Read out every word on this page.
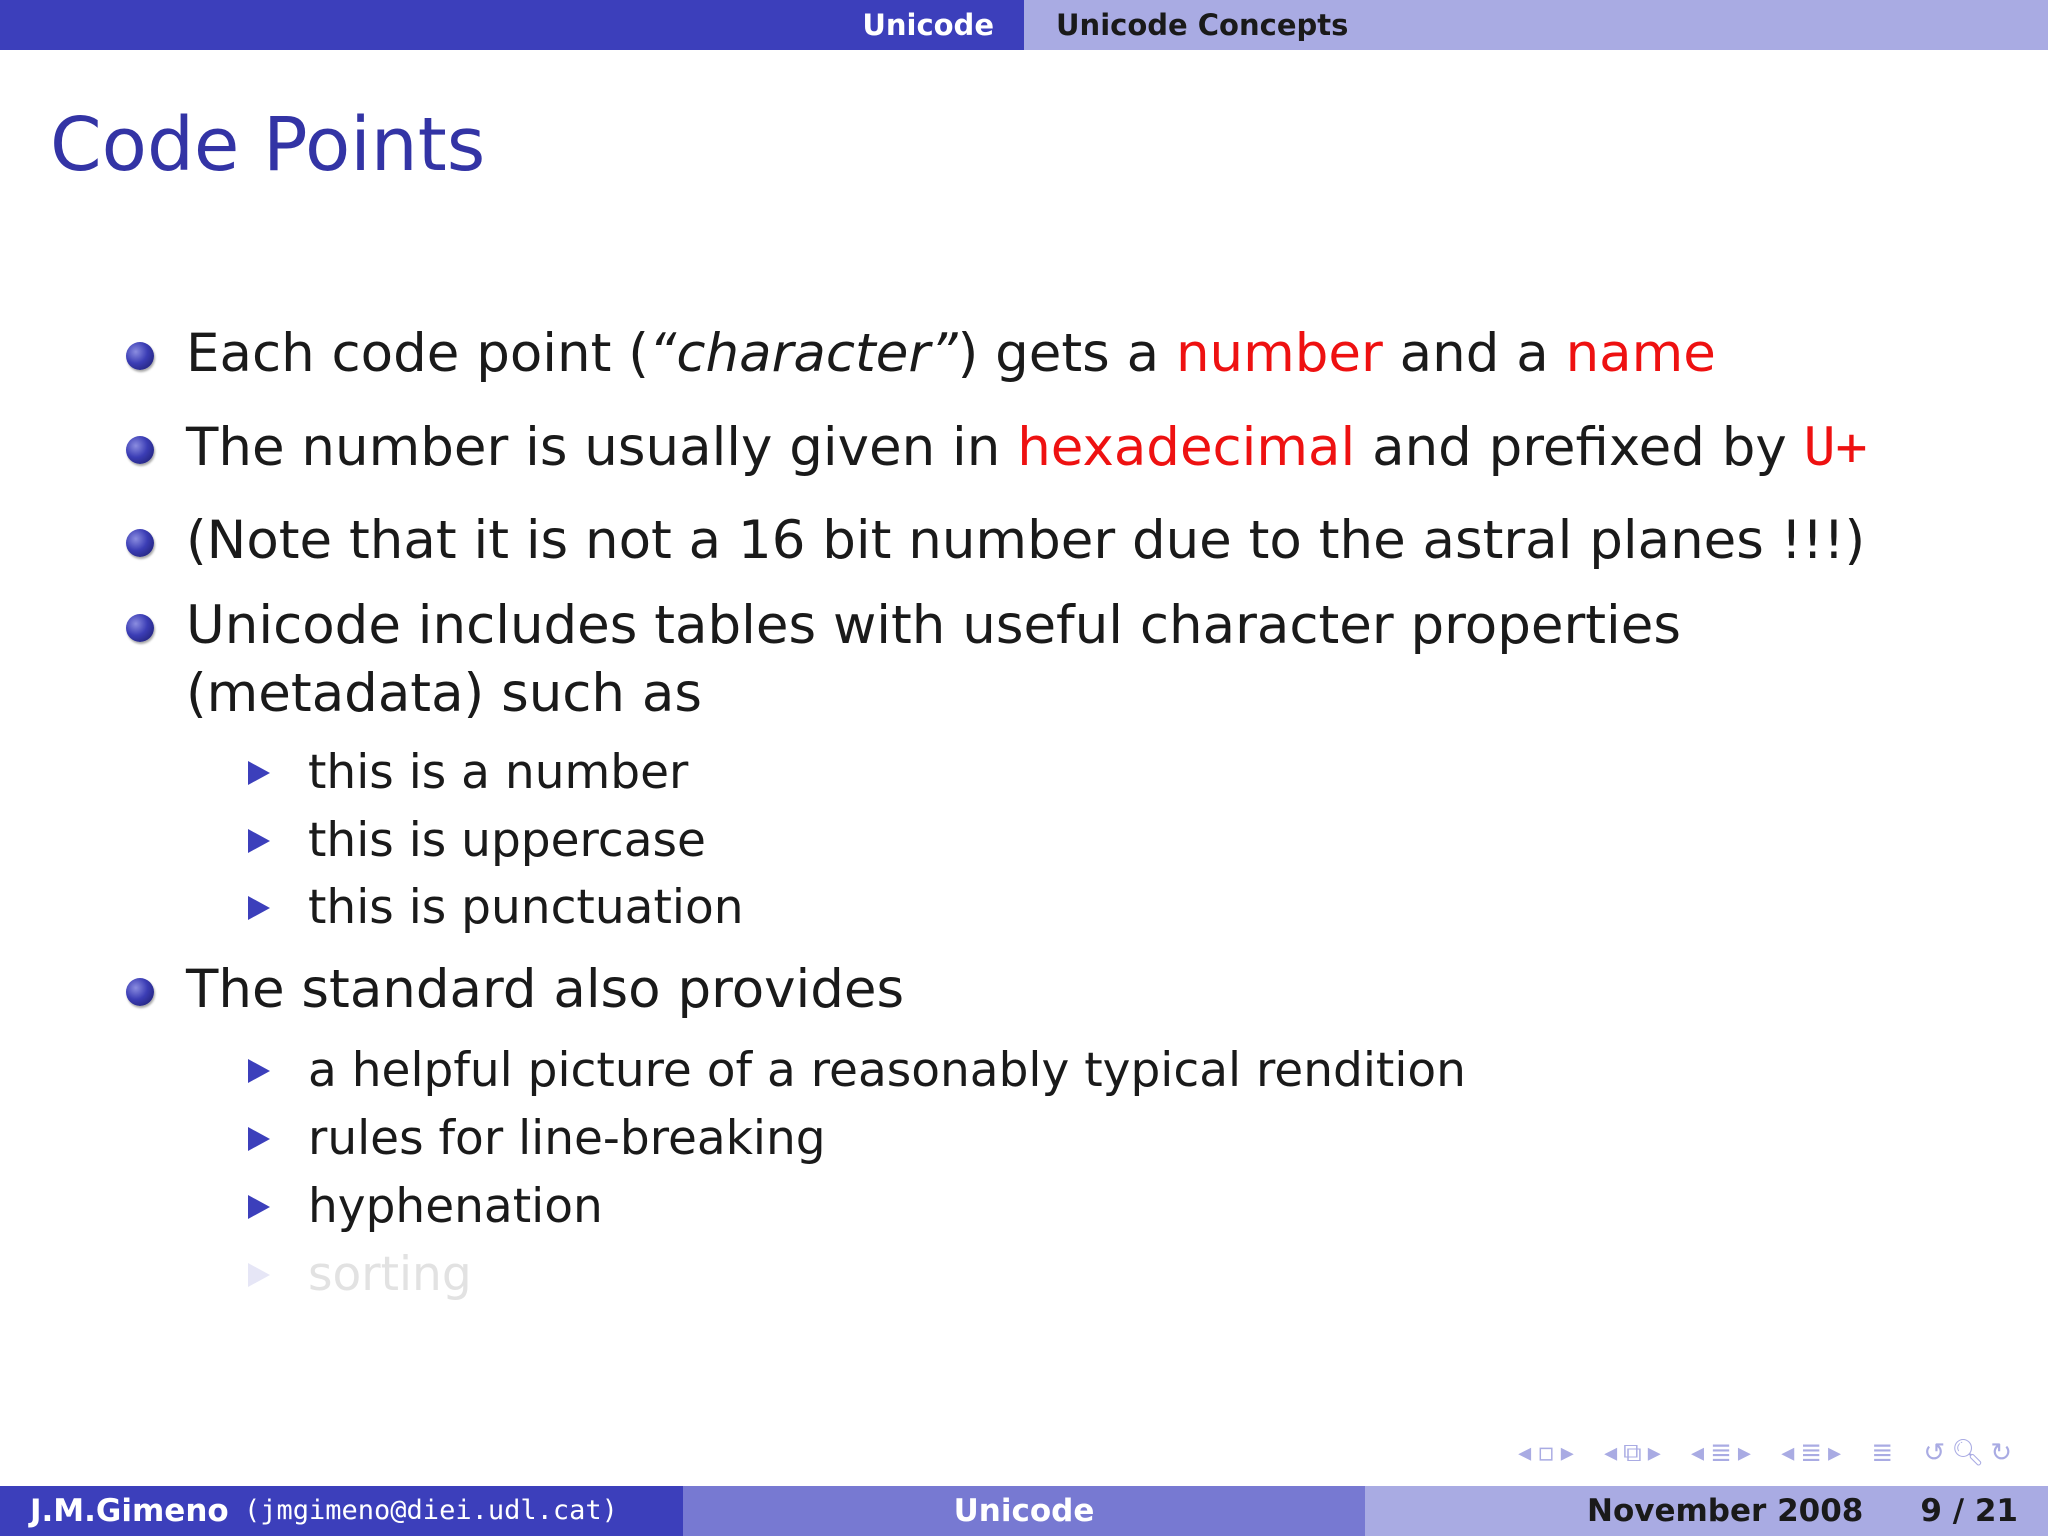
Unicode Unicode Concepts
Code Points
Each code point (“character”) gets a number and a name
The number is usually given in hexadecimal and prefixed by U+
(Note that it is not a 16 bit number due to the astral planes !!!)
Unicode includes tables with useful character properties (metadata) such as
this is a number
this is uppercase
this is punctuation
The standard also provides
a helpful picture of a reasonably typical rendition
rules for line-breaking
hyphenation
sorting
◂▫▸ ◂⧉▸ ◂≣▸ ◂≣▸ ≣ ↺🔍︎↻
J.M.Gimeno (jmgimeno@diei.udl.cat)	Unicode	November 2008 9 / 21
